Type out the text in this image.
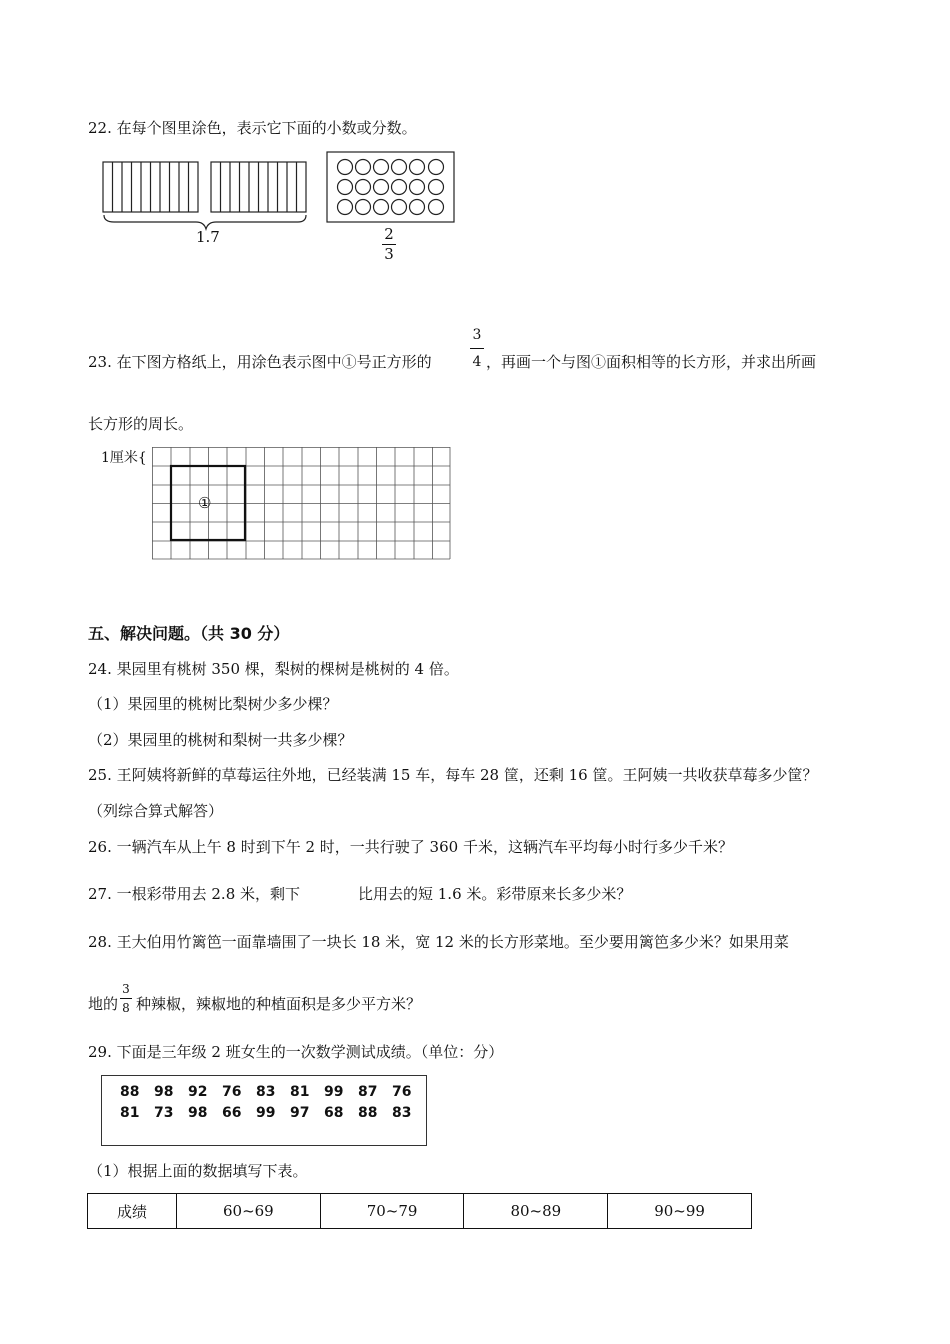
22. 在每个图里涂色，表示它下面的小数或分数。
1.7	2
3
23. 在下图方格纸上，用涂色表示图中①号正方形的
3
4 ，再画一个与图①面积相等的长方形，并求出所画
长方形的周长。
1厘米{
①
五、解决问题。（共 30 分）
24. 果园里有桃树 350 棵，梨树的棵树是桃树的 4 倍。
（1）果园里的桃树比梨树少多少棵？
（2）果园里的桃树和梨树一共多少棵？
25. 王阿姨将新鲜的草莓运往外地，已经装满 15 车，每车 28 筐，还剩 16 筐。王阿姨一共收获草莓多少筐？
（列综合算式解答）
26. 一辆汽车从上午 8 时到下午 2 时，一共行驶了 360 千米，这辆汽车平均每小时行多少千米？
27. 一根彩带用去 2.8 米，剩下	比用去的短 1.6 米。彩带原来长多少米？
28. 王大伯用竹篱笆一面靠墙围了一块长 18 米，宽 12 米的长方形菜地。至少要用篱笆多少米？如果用菜
地的
3
8 种辣椒，辣椒地的种植面积是多少平方米？
29. 下面是三年级 2 班女生的一次数学测试成绩。（单位：分）
88 98 92 76 83 81 99 87 76
81 73 98 66 99 97 68 88 83
（1）根据上面的数据填写下表。
成绩	60~69	70~79	80~89	90~99
